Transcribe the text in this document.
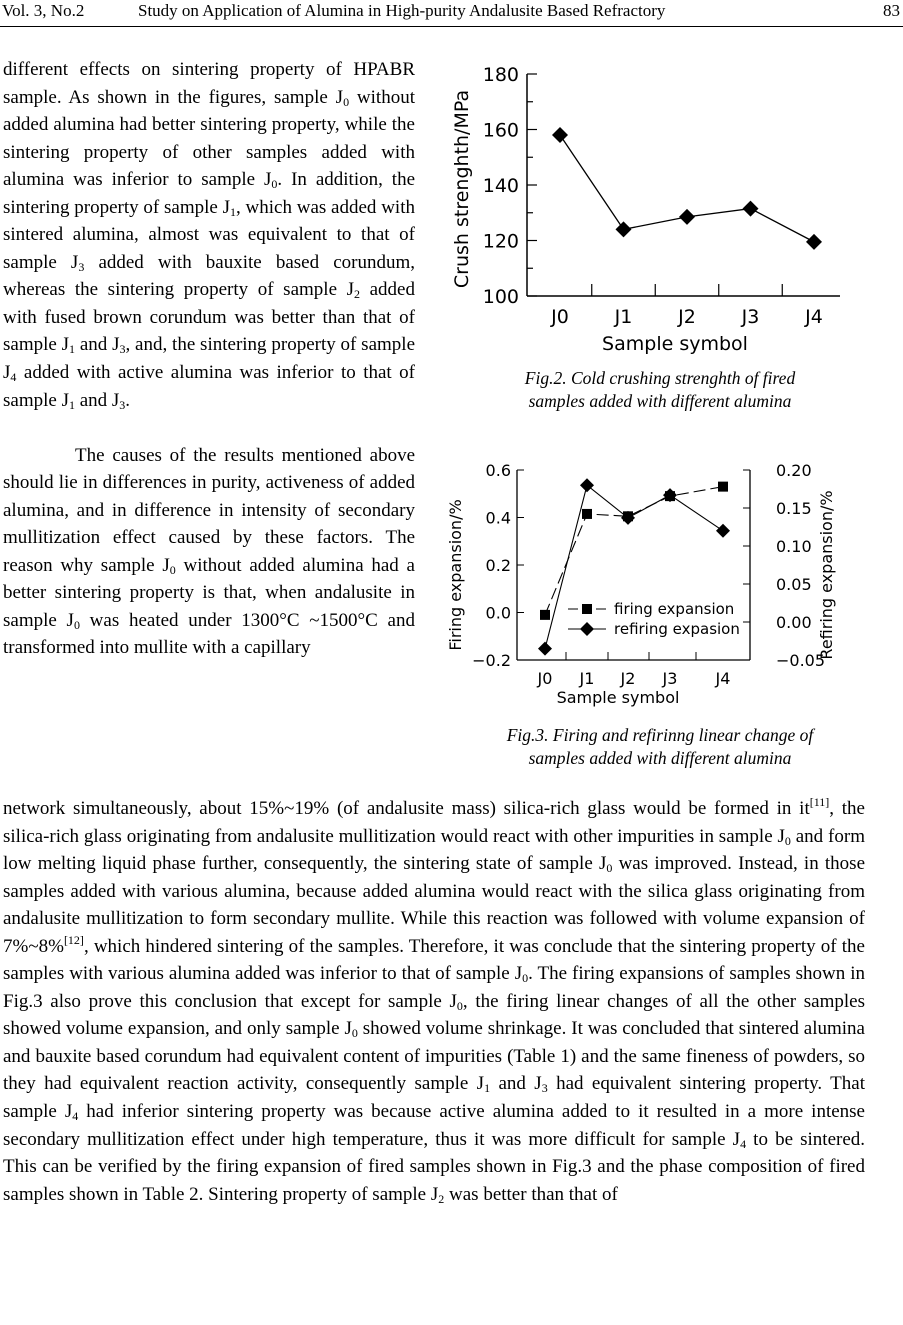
Vol. 3, No.2	Study on Application of Alumina in High-purity Andalusite Based Refractory	83

different effects on sintering property of HPABR sample. As shown in the figures, sample $J_0$ without added alumina had better sintering property, while the sintering property of other samples added with alumina was inferior to sample $J_0$. In addition, the sintering property of sample $J_1$, which was added with sintered alumina, almost was equivalent to that of sample $J_3$ added with bauxite based corundum, whereas the sintering property of sample $J_2$ added with fused brown corundum was better than that of sample $J_1$ and $J_3$, and, the sintering property of sample $J_4$ added with active alumina was inferior to that of sample $J_1$ and $J_3$.

The causes of the results mentioned above should lie in differences in purity, activeness of added alumina, and in difference in intensity of secondary mullitization effect caused by these factors. The reason why sample $J_0$ without added alumina had a better sintering property is that, when andalusite in sample $J_0$ was heated under 1300°C ~1500°C and transformed into mullite with a capillary

100
120
140
160
180
J0 J1 J2 J3 J4
Sample symbol
Crush strenghth/MPa
Fig.2. Cold crushing strenghth of fired
samples added with different alumina
−0.2
0.0
0.2
0.4
0.6
−0.05
0.00
0.05
0.10
0.15
0.20
J0 J1 J2 J3 J4
Sample symbol
Firing expansion/%	Refiring expansion/%
firing expansion
refiring expasion
Fig.3. Firing and refirinng linear change of
samples added with different alumina

network simultaneously, about 15%~19% (of andalusite mass) silica-rich glass would be formed in it[11], the silica-rich glass originating from andalusite mullitization would react with other impurities in sample $J_0$ and form low melting liquid phase further, consequently, the sintering state of sample $J_0$ was improved. Instead, in those samples added with various alumina, because added alumina would react with the silica glass originating from andalusite mullitization to form secondary mullite. While this reaction was followed with volume expansion of 7%~8%[12], which hindered sintering of the samples. Therefore, it was conclude that the sintering property of the samples with various alumina added was inferior to that of sample $J_0$. The firing expansions of samples shown in Fig.3 also prove this conclusion that except for sample $J_0$, the firing linear changes of all the other samples showed volume expansion, and only sample $J_0$ showed volume shrinkage. It was concluded that sintered alumina and bauxite based corundum had equivalent content of impurities (Table 1) and the same fineness of powders, so they had equivalent reaction activity, consequently sample $J_1$ and $J_3$ had equivalent sintering property. That sample $J_4$ had inferior sintering property was because active alumina added to it resulted in a more intense secondary mullitization effect under high temperature, thus it was more difficult for sample $J_4$ to be sintered. This can be verified by the firing expansion of fired samples shown in Fig.3 and the phase composition of fired samples shown in Table 2. Sintering property of sample $J_2$ was better than that of
